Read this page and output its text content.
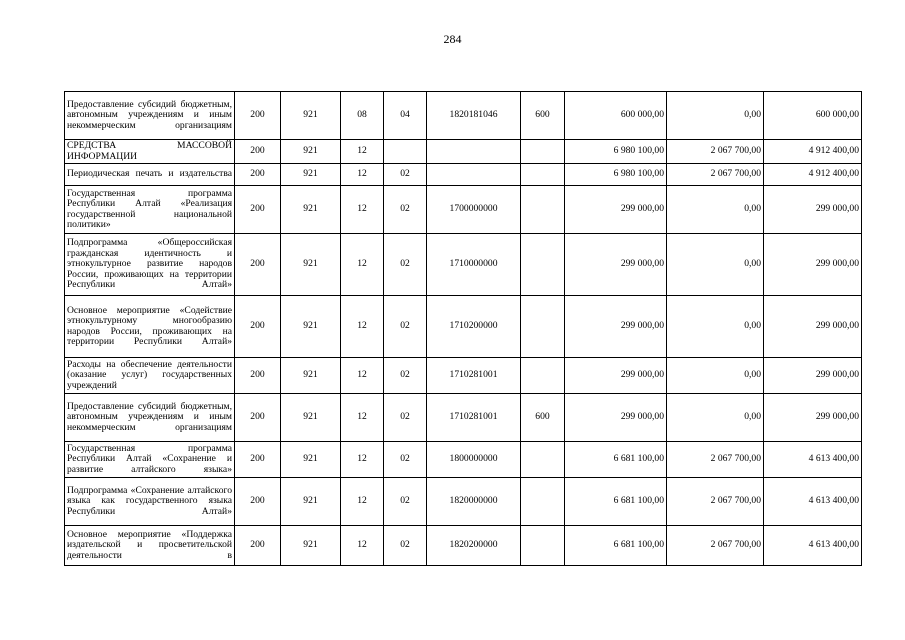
284
Предоставление субсидий бюджетным, автономным учреждениям и иным некоммерческим организациям	200	921	08	04	1820181046	600	600 000,00	0,00	600 000,00
СРЕДСТВА МАССОВОЙ ИНФОРМАЦИИ	200	921	12				6 980 100,00	2 067 700,00	4 912 400,00
Периодическая печать и издательства	200	921	12	02			6 980 100,00	2 067 700,00	4 912 400,00
Государственная программа Республики Алтай «Реализация государственной национальной политики»	200	921	12	02	1700000000		299 000,00	0,00	299 000,00
Подпрограмма «Общероссийская гражданская идентичность и этнокультурное развитие народов России, проживающих на территории Республики Алтай»	200	921	12	02	1710000000		299 000,00	0,00	299 000,00
Основное мероприятие «Содействие этнокультурному многообразию народов России, проживающих на территории Республики Алтай»	200	921	12	02	1710200000		299 000,00	0,00	299 000,00
Расходы на обеспечение деятельности (оказание услуг) государственных учреждений	200	921	12	02	1710281001		299 000,00	0,00	299 000,00
Предоставление субсидий бюджетным, автономным учреждениям и иным некоммерческим организациям	200	921	12	02	1710281001	600	299 000,00	0,00	299 000,00
Государственная программа Республики Алтай «Сохранение и развитие алтайского языка»	200	921	12	02	1800000000		6 681 100,00	2 067 700,00	4 613 400,00
Подпрограмма «Сохранение алтайского языка как государственного языка Республики Алтай»	200	921	12	02	1820000000		6 681 100,00	2 067 700,00	4 613 400,00
Основное мероприятие «Поддержка издательской и просветительской деятельности в	200	921	12	02	1820200000		6 681 100,00	2 067 700,00	4 613 400,00
